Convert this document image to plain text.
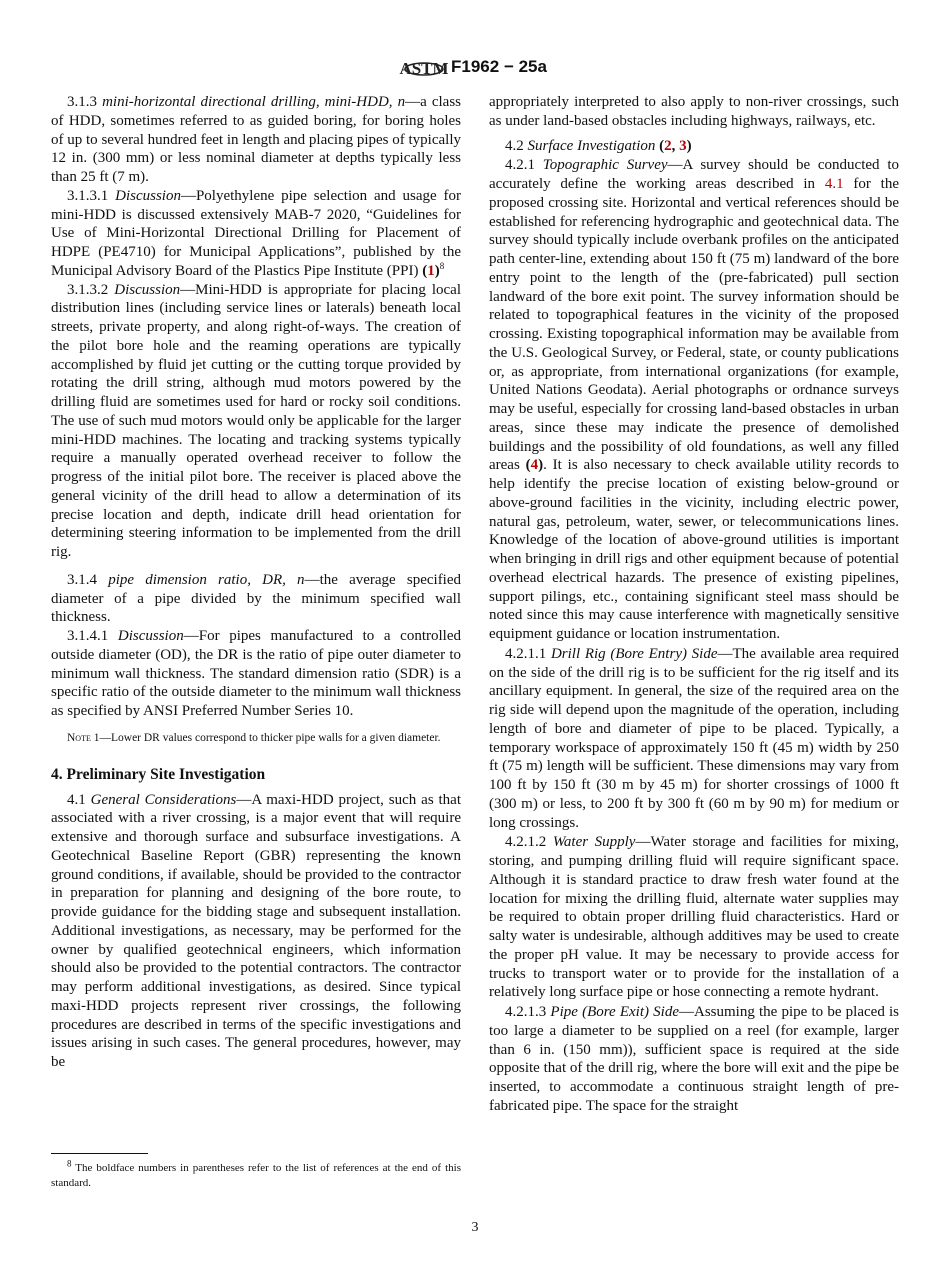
ASTM F1962 − 25a

3.1.3 mini-horizontal directional drilling, mini-HDD, n—a class of HDD, sometimes referred to as guided boring, for boring holes of up to several hundred feet in length and placing pipes of typically 12 in. (300 mm) or less nominal diameter at depths typically less than 25 ft (7 m).

3.1.3.1 Discussion—Polyethylene pipe selection and usage for mini-HDD is discussed extensively MAB-7 2020, “Guidelines for Use of Mini-Horizontal Directional Drilling for Placement of HDPE (PE4710) for Municipal Applications”, published by the Municipal Advisory Board of the Plastics Pipe Institute (PPI) $(1)^8$

3.1.3.2 Discussion—Mini-HDD is appropriate for placing local distribution lines (including service lines or laterals) beneath local streets, private property, and along right-of-ways. The creation of the pilot bore hole and the reaming operations are typically accomplished by fluid jet cutting or the cutting torque provided by rotating the drill string, although mud motors powered by the drilling fluid are sometimes used for hard or rocky soil conditions. The use of such mud motors would only be applicable for the larger mini-HDD machines. The locating and tracking systems typically require a manually operated overhead receiver to follow the progress of the initial pilot bore. The receiver is placed above the general vicinity of the drill head to allow a determination of its precise location and depth, indicate drill head orientation for determining steering information to be implemented from the drill rig.

3.1.4 pipe dimension ratio, DR, n—the average specified diameter of a pipe divided by the minimum specified wall thickness.

3.1.4.1 Discussion—For pipes manufactured to a controlled outside diameter (OD), the DR is the ratio of pipe outer diameter to minimum wall thickness. The standard dimension ratio (SDR) is a specific ratio of the outside diameter to the minimum wall thickness as specified by ANSI Preferred Number Series 10.

Note 1—Lower DR values correspond to thicker pipe walls for a given diameter.
4. Preliminary Site Investigation

4.1 General Considerations—A maxi-HDD project, such as that associated with a river crossing, is a major event that will require extensive and thorough surface and subsurface investigations. A Geotechnical Baseline Report (GBR) representing the known ground conditions, if available, should be provided to the contractor in preparation for planning and designing of the bore route, to provide guidance for the bidding stage and subsequent installation. Additional investigations, as necessary, may be performed for the owner by qualified geotechnical engineers, which information should also be provided to the potential contractors. The contractor may perform additional investigations, as desired. Since typical maxi-HDD projects represent river crossings, the following procedures are described in terms of the specific investigations and issues arising in such cases. The general procedures, however, may be

appropriately interpreted to also apply to non-river crossings, such as under land-based obstacles including highways, railways, etc.

4.2 Surface Investigation (2, 3)

4.2.1 Topographic Survey—A survey should be conducted to accurately define the working areas described in 4.1 for the proposed crossing site. Horizontal and vertical references should be established for referencing hydrographic and geotechnical data. The survey should typically include overbank profiles on the anticipated path center-line, extending about 150 ft (75 m) landward of the bore entry point to the length of the (pre-fabricated) pull section landward of the bore exit point. The survey information should be related to topographical features in the vicinity of the proposed crossing. Existing topographical information may be available from the U.S. Geological Survey, or Federal, state, or county publications or, as appropriate, from international organizations (for example, United Nations Geodata). Aerial photographs or ordnance surveys may be useful, especially for crossing land-based obstacles in urban areas, since these may indicate the presence of demolished buildings and the possibility of old foundations, as well any filled areas (4). It is also necessary to check available utility records to help identify the precise location of existing below-ground or above-ground facilities in the vicinity, including electric power, natural gas, petroleum, water, sewer, or telecommunications lines. Knowledge of the location of above-ground utilities is important when bringing in drill rigs and other equipment because of potential overhead electrical hazards. The presence of existing pipelines, support pilings, etc., containing significant steel mass should be noted since this may cause interference with magnetically sensitive equipment guidance or location instrumentation.

4.2.1.1 Drill Rig (Bore Entry) Side—The available area required on the side of the drill rig is to be sufficient for the rig itself and its ancillary equipment. In general, the size of the required area on the rig side will depend upon the magnitude of the operation, including length of bore and diameter of pipe to be placed. Typically, a temporary workspace of approximately 150 ft (45 m) width by 250 ft (75 m) length will be sufficient. These dimensions may vary from 100 ft by 150 ft (30 m by 45 m) for shorter crossings of 1000 ft (300 m) or less, to 200 ft by 300 ft (60 m by 90 m) for medium or long crossings.

4.2.1.2 Water Supply—Water storage and facilities for mixing, storing, and pumping drilling fluid will require significant space. Although it is standard practice to draw fresh water found at the location for mixing the drilling fluid, alternate water supplies may be required to obtain proper drilling fluid characteristics. Hard or salty water is undesirable, although additives may be used to create the proper pH value. It may be necessary to provide access for trucks to transport water or to provide for the installation of a relatively long surface pipe or hose connecting a remote hydrant.

4.2.1.3 Pipe (Bore Exit) Side—Assuming the pipe to be placed is too large a diameter to be supplied on a reel (for example, larger than 6 in. (150 mm)), sufficient space is required at the side opposite that of the drill rig, where the bore will exit and the pipe be inserted, to accommodate a continuous straight length of pre-fabricated pipe. The space for the straight

$^8$ The boldface numbers in parentheses refer to the list of references at the end of this standard.
3
